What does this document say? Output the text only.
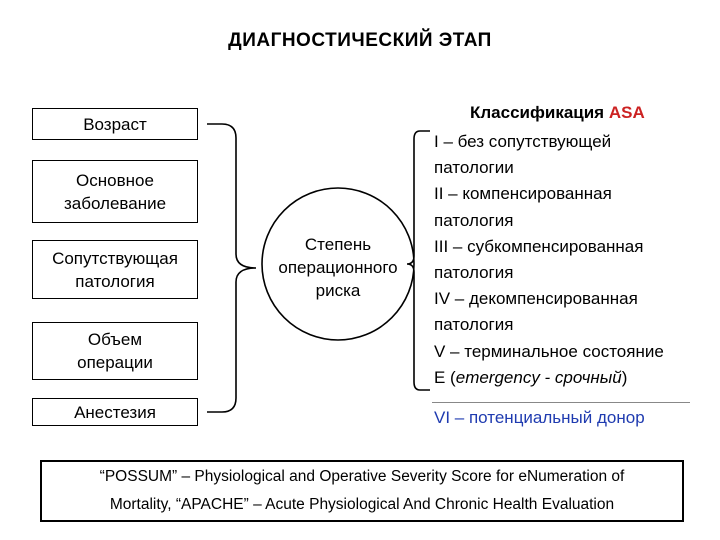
ДИАГНОСТИЧЕСКИЙ ЭТАП
Возраст
Основное
заболевание
Сопутствующая
патология
Объем
операции
Анестезия
Степень
операционного
риска
Классификация ASA
I – без сопутствующей
патологии
II – компенсированная
патология
III – субкомпенсированная
патология
IV – декомпенсированная
патология
V – терминальное состояние
E (emergency - срочный)
VI – потенциальный донор
“POSSUM” – Physiological and Operative Severity Score for eNumeration of
Mortality, “APACHE” – Acute Physiological And Chronic Health Evaluation
